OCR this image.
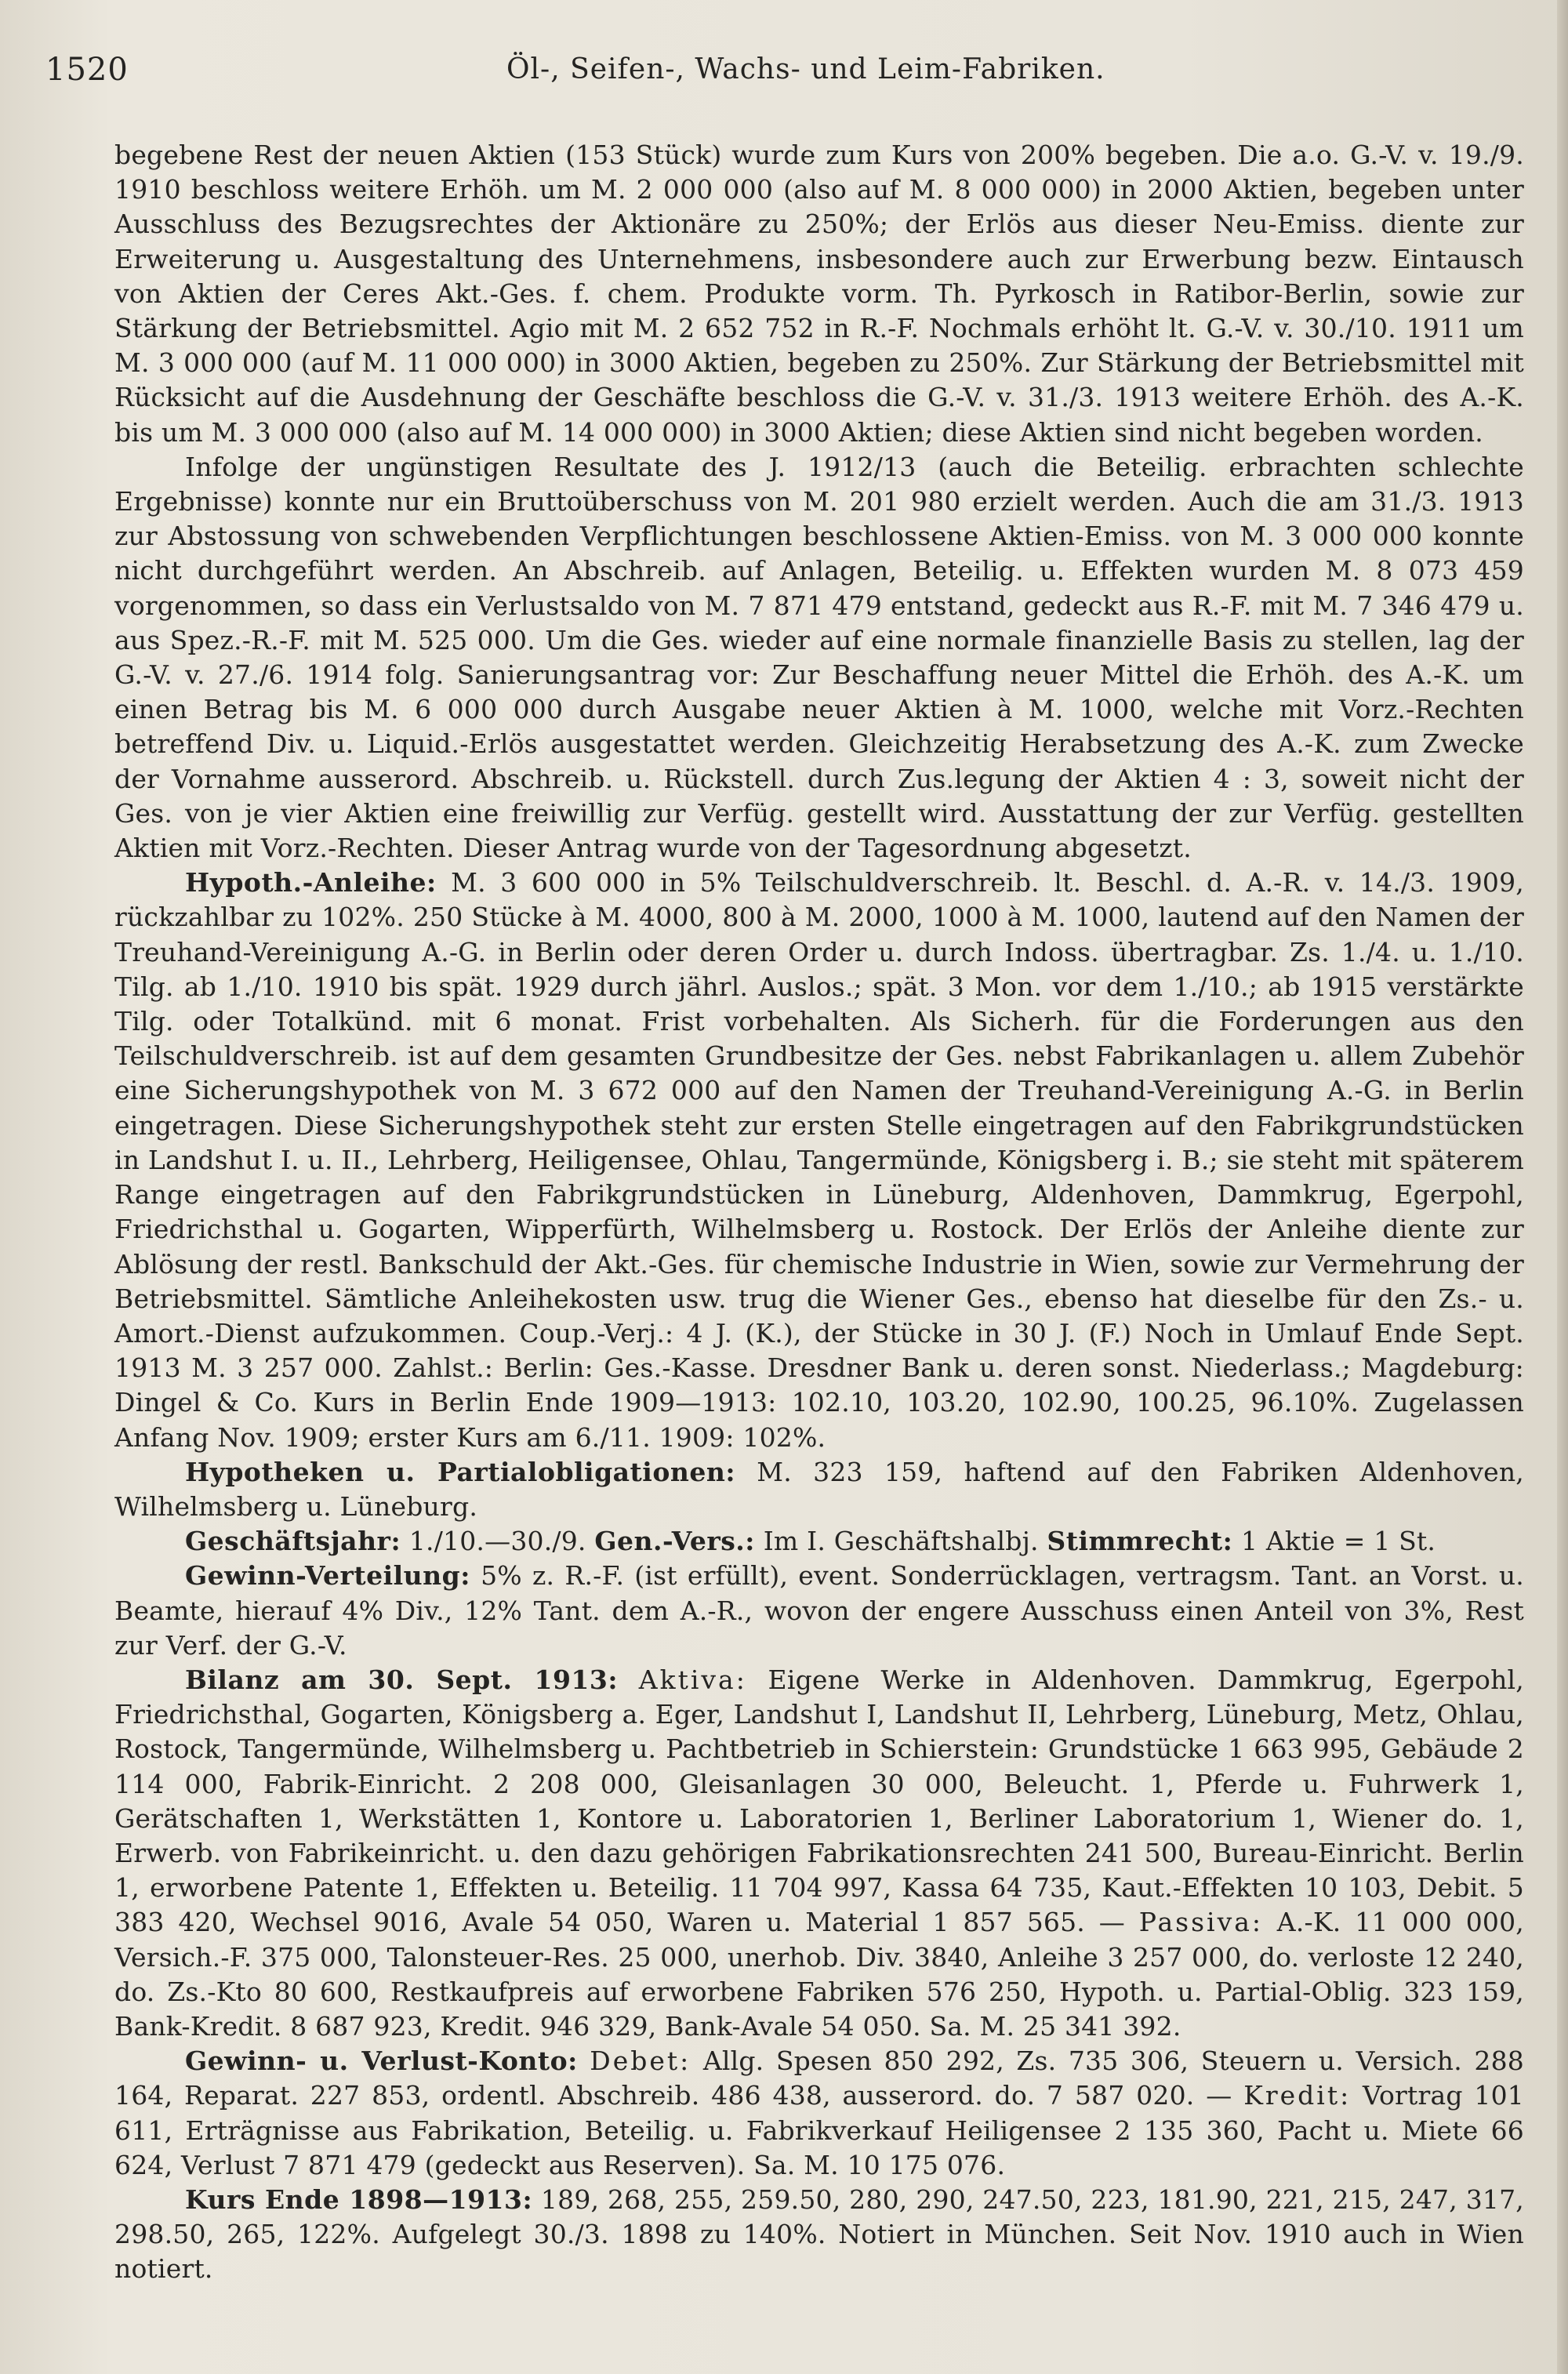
1520	Öl-, Seifen-, Wachs- und Leim-Fabriken.

begebene Rest der neuen Aktien (153 Stück) wurde zum Kurs von 200% begeben. Die a.o. G.-V. v. 19./9. 1910 beschloss weitere Erhöh. um M. 2 000 000 (also auf M. 8 000 000) in 2000 Aktien, begeben unter Ausschluss des Bezugsrechtes der Aktionäre zu 250%; der Erlös aus dieser Neu-Emiss. diente zur Erweiterung u. Ausgestaltung des Unternehmens, insbesondere auch zur Erwerbung bezw. Eintausch von Aktien der Ceres Akt.-Ges. f. chem. Produkte vorm. Th. Pyrkosch in Ratibor-Berlin, sowie zur Stärkung der Betriebsmittel. Agio mit M. 2 652 752 in R.-F. Nochmals erhöht lt. G.-V. v. 30./10. 1911 um M. 3 000 000 (auf M. 11 000 000) in 3000 Aktien, begeben zu 250%. Zur Stärkung der Betriebsmittel mit Rücksicht auf die Ausdehnung der Geschäfte beschloss die G.-V. v. 31./3. 1913 weitere Erhöh. des A.-K. bis um M. 3 000 000 (also auf M. 14 000 000) in 3000 Aktien; diese Aktien sind nicht begeben worden.

Infolge der ungünstigen Resultate des J. 1912/13 (auch die Beteilig. erbrachten schlechte Ergebnisse) konnte nur ein Bruttoüberschuss von M. 201 980 erzielt werden. Auch die am 31./3. 1913 zur Abstossung von schwebenden Verpflichtungen beschlossene Aktien-Emiss. von M. 3 000 000 konnte nicht durchgeführt werden. An Abschreib. auf Anlagen, Beteilig. u. Effekten wurden M. 8 073 459 vorgenommen, so dass ein Verlustsaldo von M. 7 871 479 entstand, gedeckt aus R.-F. mit M. 7 346 479 u. aus Spez.-R.-F. mit M. 525 000. Um die Ges. wieder auf eine normale finanzielle Basis zu stellen, lag der G.-V. v. 27./6. 1914 folg. Sanierungsantrag vor: Zur Beschaffung neuer Mittel die Erhöh. des A.-K. um einen Betrag bis M. 6 000 000 durch Ausgabe neuer Aktien à M. 1000, welche mit Vorz.-Rechten betreffend Div. u. Liquid.-Erlös ausgestattet werden. Gleichzeitig Herabsetzung des A.-K. zum Zwecke der Vornahme ausserord. Abschreib. u. Rückstell. durch Zus.legung der Aktien 4 : 3, soweit nicht der Ges. von je vier Aktien eine freiwillig zur Verfüg. gestellt wird. Ausstattung der zur Verfüg. gestellten Aktien mit Vorz.-Rechten. Dieser Antrag wurde von der Tagesordnung abgesetzt.

Hypoth.-Anleihe: M. 3 600 000 in 5% Teilschuldverschreib. lt. Beschl. d. A.-R. v. 14./3. 1909, rückzahlbar zu 102%. 250 Stücke à M. 4000, 800 à M. 2000, 1000 à M. 1000, lautend auf den Namen der Treuhand-Vereinigung A.-G. in Berlin oder deren Order u. durch Indoss. übertragbar. Zs. 1./4. u. 1./10. Tilg. ab 1./10. 1910 bis spät. 1929 durch jährl. Auslos.; spät. 3 Mon. vor dem 1./10.; ab 1915 verstärkte Tilg. oder Totalkünd. mit 6 monat. Frist vorbehalten. Als Sicherh. für die Forderungen aus den Teilschuldverschreib. ist auf dem gesamten Grundbesitze der Ges. nebst Fabrikanlagen u. allem Zubehör eine Sicherungshypothek von M. 3 672 000 auf den Namen der Treuhand-Vereinigung A.-G. in Berlin eingetragen. Diese Sicherungshypothek steht zur ersten Stelle eingetragen auf den Fabrikgrundstücken in Landshut I. u. II., Lehrberg, Heiligensee, Ohlau, Tangermünde, Königsberg i. B.; sie steht mit späterem Range eingetragen auf den Fabrikgrundstücken in Lüneburg, Aldenhoven, Dammkrug, Egerpohl, Friedrichsthal u. Gogarten, Wipperfürth, Wilhelmsberg u. Rostock. Der Erlös der Anleihe diente zur Ablösung der restl. Bankschuld der Akt.-Ges. für chemische Industrie in Wien, sowie zur Vermehrung der Betriebsmittel. Sämtliche Anleihekosten usw. trug die Wiener Ges., ebenso hat dieselbe für den Zs.- u. Amort.-Dienst aufzukommen. Coup.-Verj.: 4 J. (K.), der Stücke in 30 J. (F.) Noch in Umlauf Ende Sept. 1913 M. 3 257 000. Zahlst.: Berlin: Ges.-Kasse. Dresdner Bank u. deren sonst. Niederlass.; Magdeburg: Dingel & Co. Kurs in Berlin Ende 1909—1913: 102.10, 103.20, 102.90, 100.25, 96.10%. Zugelassen Anfang Nov. 1909; erster Kurs am 6./11. 1909: 102%.

Hypotheken u. Partialobligationen: M. 323 159, haftend auf den Fabriken Aldenhoven, Wilhelmsberg u. Lüneburg.

Geschäftsjahr: 1./10.—30./9. Gen.-Vers.: Im I. Geschäftshalbj. Stimmrecht: 1 Aktie = 1 St.

Gewinn-Verteilung: 5% z. R.-F. (ist erfüllt), event. Sonderrücklagen, vertragsm. Tant. an Vorst. u. Beamte, hierauf 4% Div., 12% Tant. dem A.-R., wovon der engere Ausschuss einen Anteil von 3%, Rest zur Verf. der G.-V.

Bilanz am 30. Sept. 1913: Aktiva: Eigene Werke in Aldenhoven. Dammkrug, Egerpohl, Friedrichsthal, Gogarten, Königsberg a. Eger, Landshut I, Landshut II, Lehrberg, Lüneburg, Metz, Ohlau, Rostock, Tangermünde, Wilhelmsberg u. Pachtbetrieb in Schierstein: Grundstücke 1 663 995, Gebäude 2 114 000, Fabrik-Einricht. 2 208 000, Gleisanlagen 30 000, Beleucht. 1, Pferde u. Fuhrwerk 1, Gerätschaften 1, Werkstätten 1, Kontore u. Laboratorien 1, Berliner Laboratorium 1, Wiener do. 1, Erwerb. von Fabrikeinricht. u. den dazu gehörigen Fabrikationsrechten 241 500, Bureau-Einricht. Berlin 1, erworbene Patente 1, Effekten u. Beteilig. 11 704 997, Kassa 64 735, Kaut.-Effekten 10 103, Debit. 5 383 420, Wechsel 9016, Avale 54 050, Waren u. Material 1 857 565. — Passiva: A.-K. 11 000 000, Versich.-F. 375 000, Talonsteuer-Res. 25 000, unerhob. Div. 3840, Anleihe 3 257 000, do. verloste 12 240, do. Zs.-Kto 80 600, Restkaufpreis auf erworbene Fabriken 576 250, Hypoth. u. Partial-Oblig. 323 159, Bank-Kredit. 8 687 923, Kredit. 946 329, Bank-Avale 54 050. Sa. M. 25 341 392.

Gewinn- u. Verlust-Konto: Debet: Allg. Spesen 850 292, Zs. 735 306, Steuern u. Versich. 288 164, Reparat. 227 853, ordentl. Abschreib. 486 438, ausserord. do. 7 587 020. — Kredit: Vortrag 101 611, Erträgnisse aus Fabrikation, Beteilig. u. Fabrikverkauf Heiligensee 2 135 360, Pacht u. Miete 66 624, Verlust 7 871 479 (gedeckt aus Reserven). Sa. M. 10 175 076.

Kurs Ende 1898—1913: 189, 268, 255, 259.50, 280, 290, 247.50, 223, 181.90, 221, 215, 247, 317, 298.50, 265, 122%. Aufgelegt 30./3. 1898 zu 140%. Notiert in München. Seit Nov. 1910 auch in Wien notiert.
